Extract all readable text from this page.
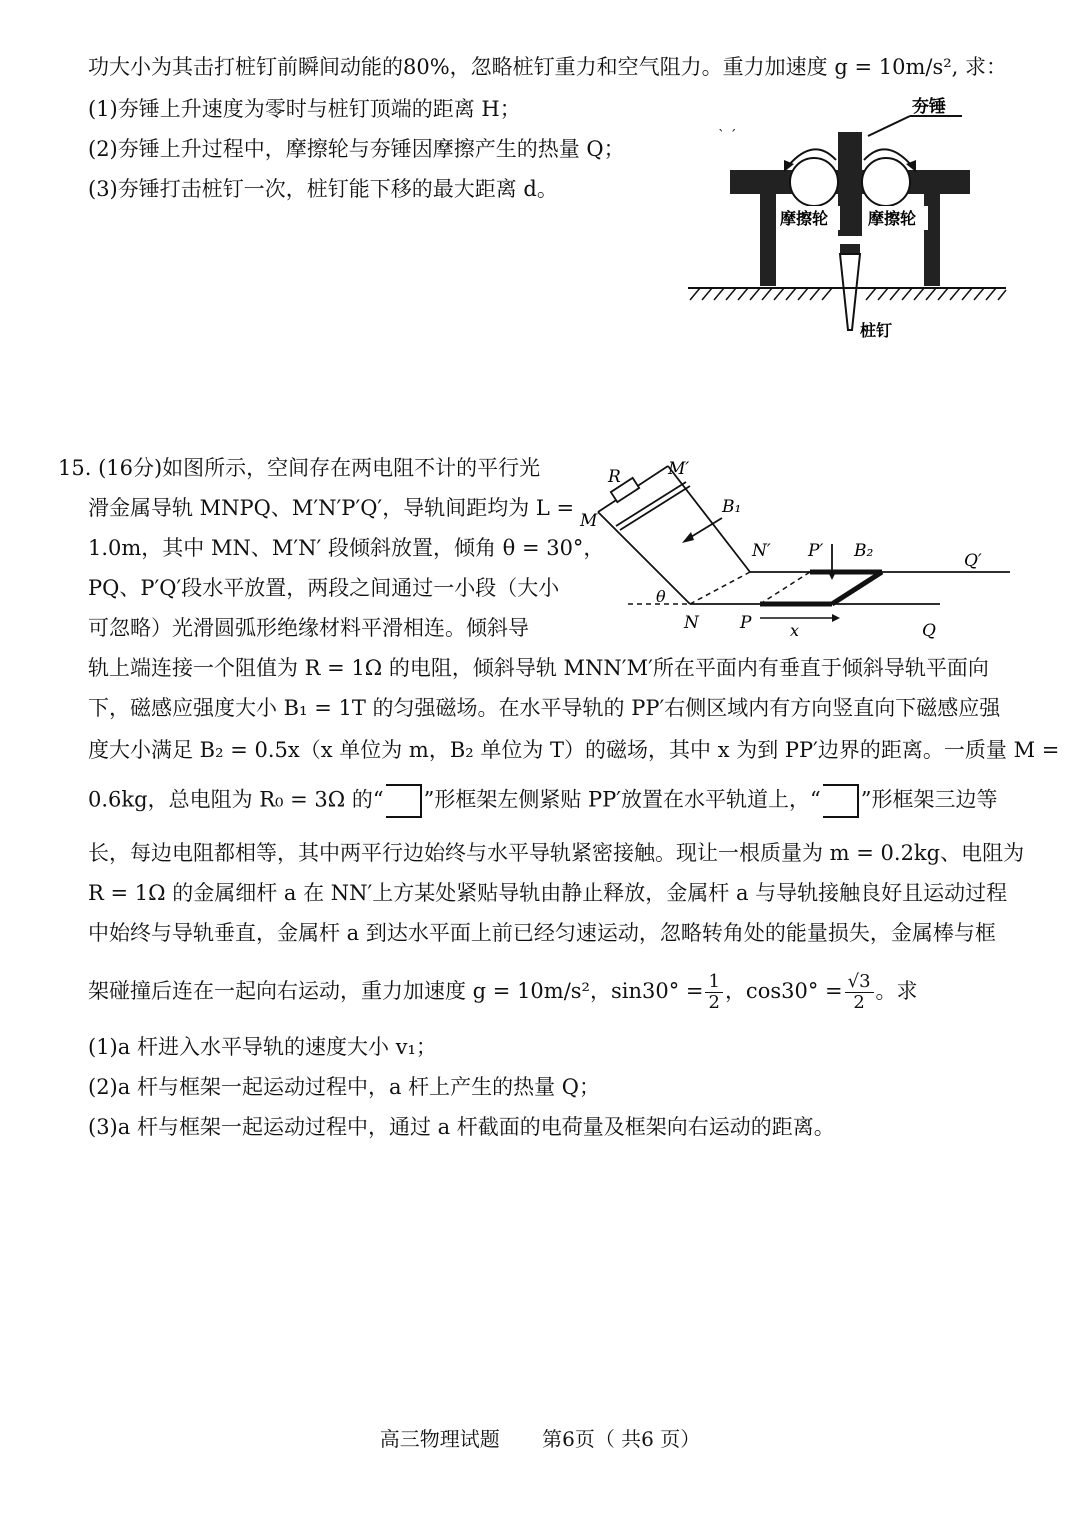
功大小为其击打桩钉前瞬间动能的80%，忽略桩钉重力和空气阻力。重力加速度 g = 10m/s², 求：
(1)夯锤上升速度为零时与桩钉顶端的距离 H；
(2)夯锤上升过程中，摩擦轮与夯锤因摩擦产生的热量 Q；
(3)夯锤打击桩钉一次，桩钉能下移的最大距离 d。
夯锤
ˋ ˊ
摩擦轮 摩擦轮
桩钉
15. (16分)如图所示，空间存在两电阻不计的平行光
滑金属导轨 MNPQ、M′N′P′Q′，导轨间距均为 L =
1.0m，其中 MN、M′N′ 段倾斜放置，倾角 θ = 30°，
PQ、P′Q′段水平放置，两段之间通过一小段（大小
可忽略）光滑圆弧形绝缘材料平滑相连。倾斜导
轨上端连接一个阻值为 R = 1Ω 的电阻，倾斜导轨 MNN′M′所在平面内有垂直于倾斜导轨平面向
下，磁感应强度大小 B₁ = 1T 的匀强磁场。在水平导轨的 PP′右侧区域内有方向竖直向下磁感应强
度大小满足 B₂ = 0.5x（x 单位为 m，B₂ 单位为 T）的磁场，其中 x 为到 PP′边界的距离。一质量 M =
0.6kg，总电阻为 R₀ = 3Ω 的“ ”形框架左侧紧贴 PP′放置在水平轨道上，“ ”形框架三边等
长，每边电阻都相等，其中两平行边始终与水平导轨紧密接触。现让一根质量为 m = 0.2kg、电阻为
R = 1Ω 的金属细杆 a 在 NN′上方某处紧贴导轨由静止释放，金属杆 a 与导轨接触良好且运动过程
中始终与导轨垂直，金属杆 a 到达水平面上前已经匀速运动，忽略转角处的能量损失，金属棒与框
架碰撞后连在一起向右运动，重力加速度 g = 10m/s²，$\sin 30^\circ = \frac{1}{2}$ ，$\cos 30^\circ = \frac{√3}{2}$ 。求
(1)a 杆进入水平导轨的速度大小 v₁；
(2)a 杆与框架一起运动过程中，a 杆上产生的热量 Q；
(3)a 杆与框架一起运动过程中，通过 a 杆截面的电荷量及框架向右运动的距离。
R	M′
M
B₁
N′ P′ B₂	Q′
θ
N P x	Q
高三物理试题 第6页（ 共6 页）
